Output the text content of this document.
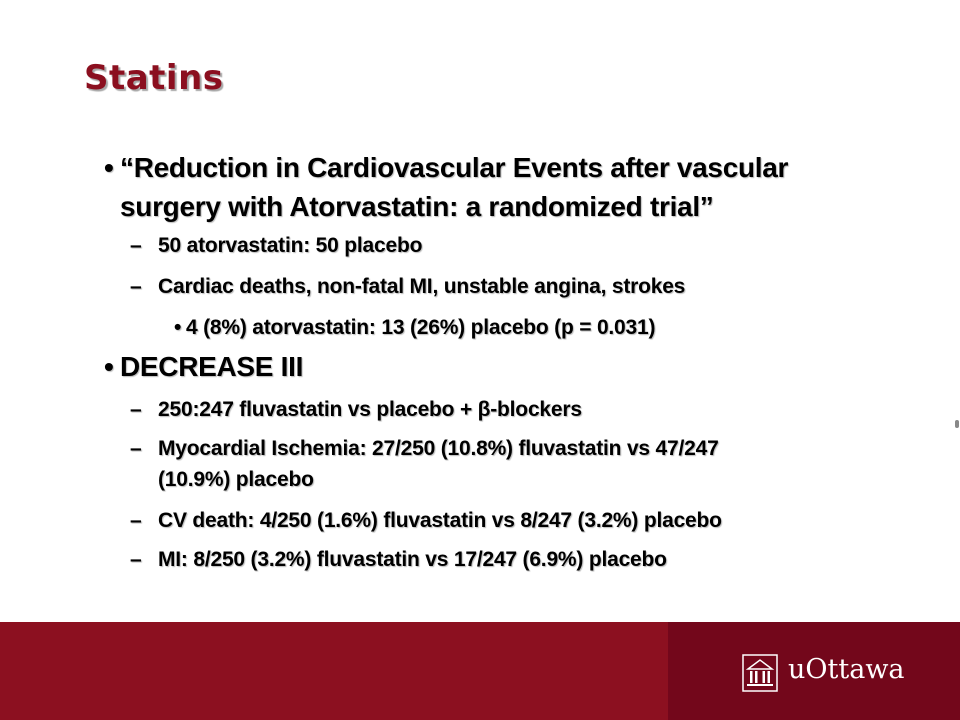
Statins
• “Reduction in Cardiovascular Events after vascular
surgery with Atorvastatin: a randomized trial”
– 50 atorvastatin: 50 placebo
– Cardiac deaths, non-fatal MI, unstable angina, strokes
• 4 (8%) atorvastatin: 13 (26%) placebo (p = 0.031)
• DECREASE III
– 250:247 fluvastatin vs placebo + β-blockers
– Myocardial Ischemia: 27/250 (10.8%) fluvastatin vs 47/247
(10.9%) placebo
– CV death: 4/250 (1.6%) fluvastatin vs 8/247 (3.2%) placebo
– MI: 8/250 (3.2%) fluvastatin vs 17/247 (6.9%) placebo
uOttawa
